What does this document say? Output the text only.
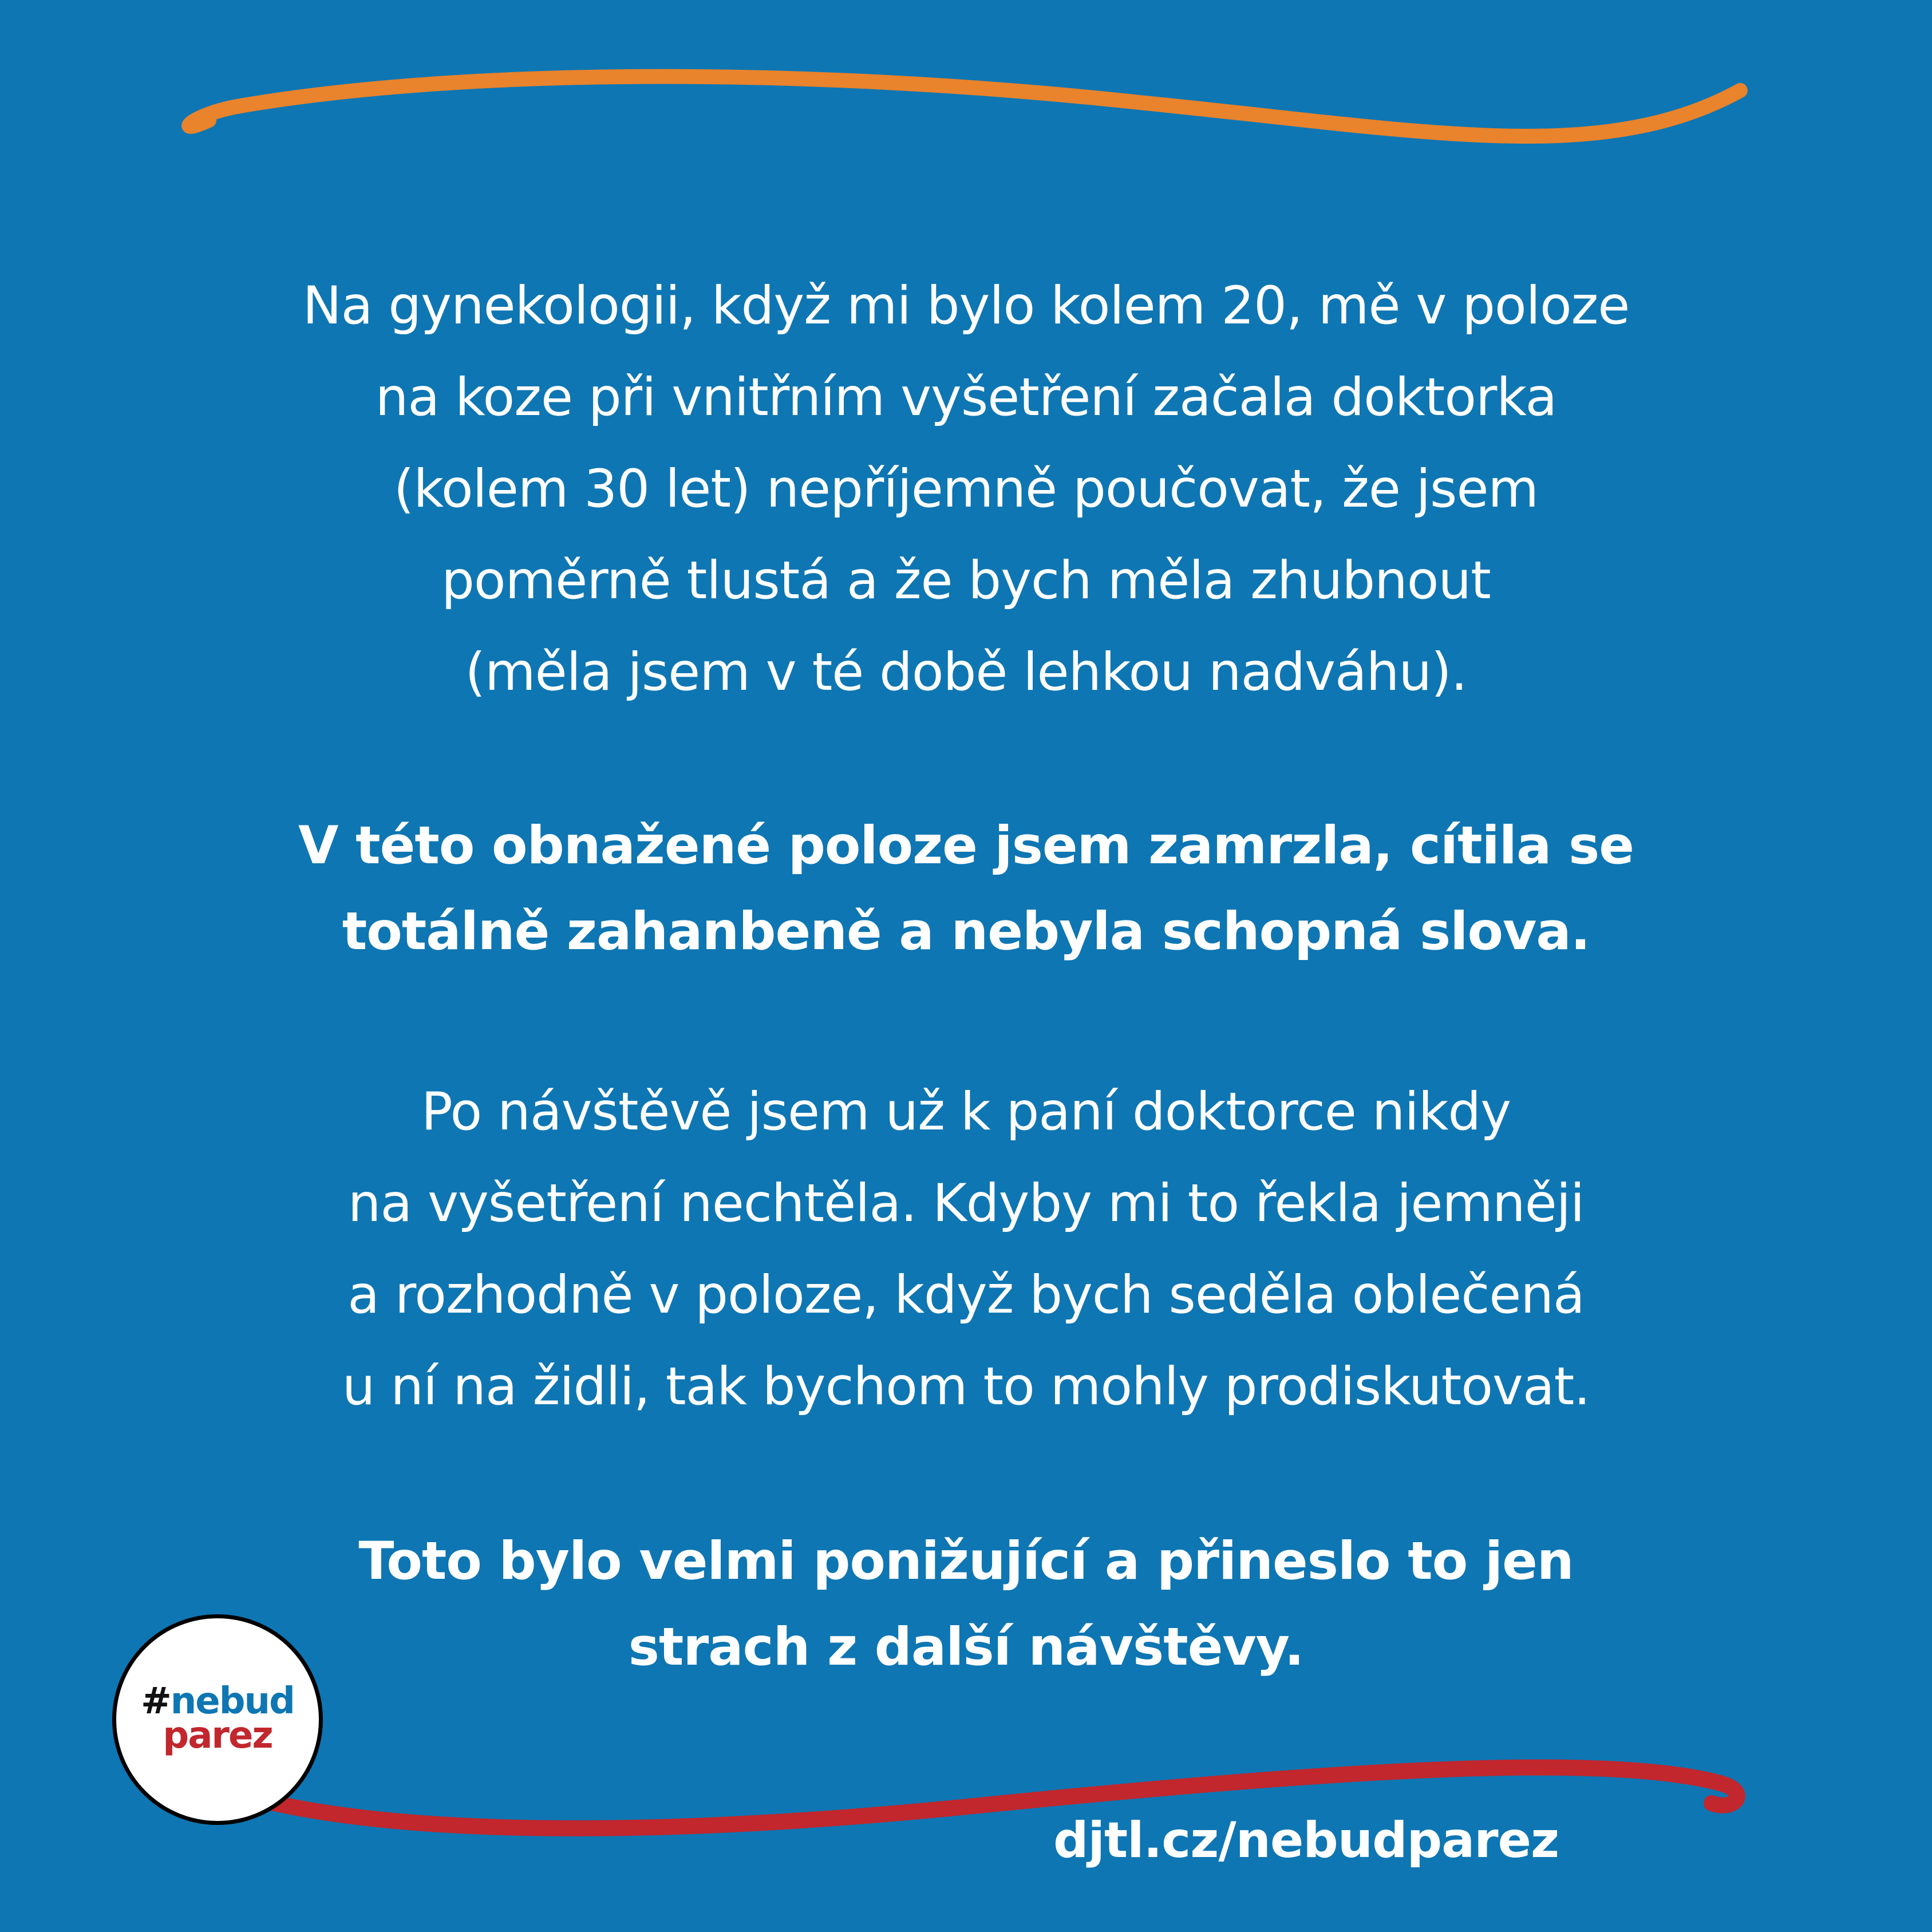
Na gynekologii, když mi bylo kolem 20, mě v poloze
na koze při vnitřním vyšetření začala doktorka
(kolem 30 let) nepříjemně poučovat, že jsem
poměrně tlustá a že bych měla zhubnout
(měla jsem v té době lehkou nadváhu).

V této obnažené poloze jsem zamrzla, cítila se
totálně zahanbeně a nebyla schopná slova.

Po návštěvě jsem už k paní doktorce nikdy
na vyšetření nechtěla. Kdyby mi to řekla jemněji
a rozhodně v poloze, když bych seděla oblečená
u ní na židli, tak bychom to mohly prodiskutovat.

Toto bylo velmi ponižující a přineslo to jen
strach z další návštěvy.

#nebud
parez
djtl.cz/nebudparez
